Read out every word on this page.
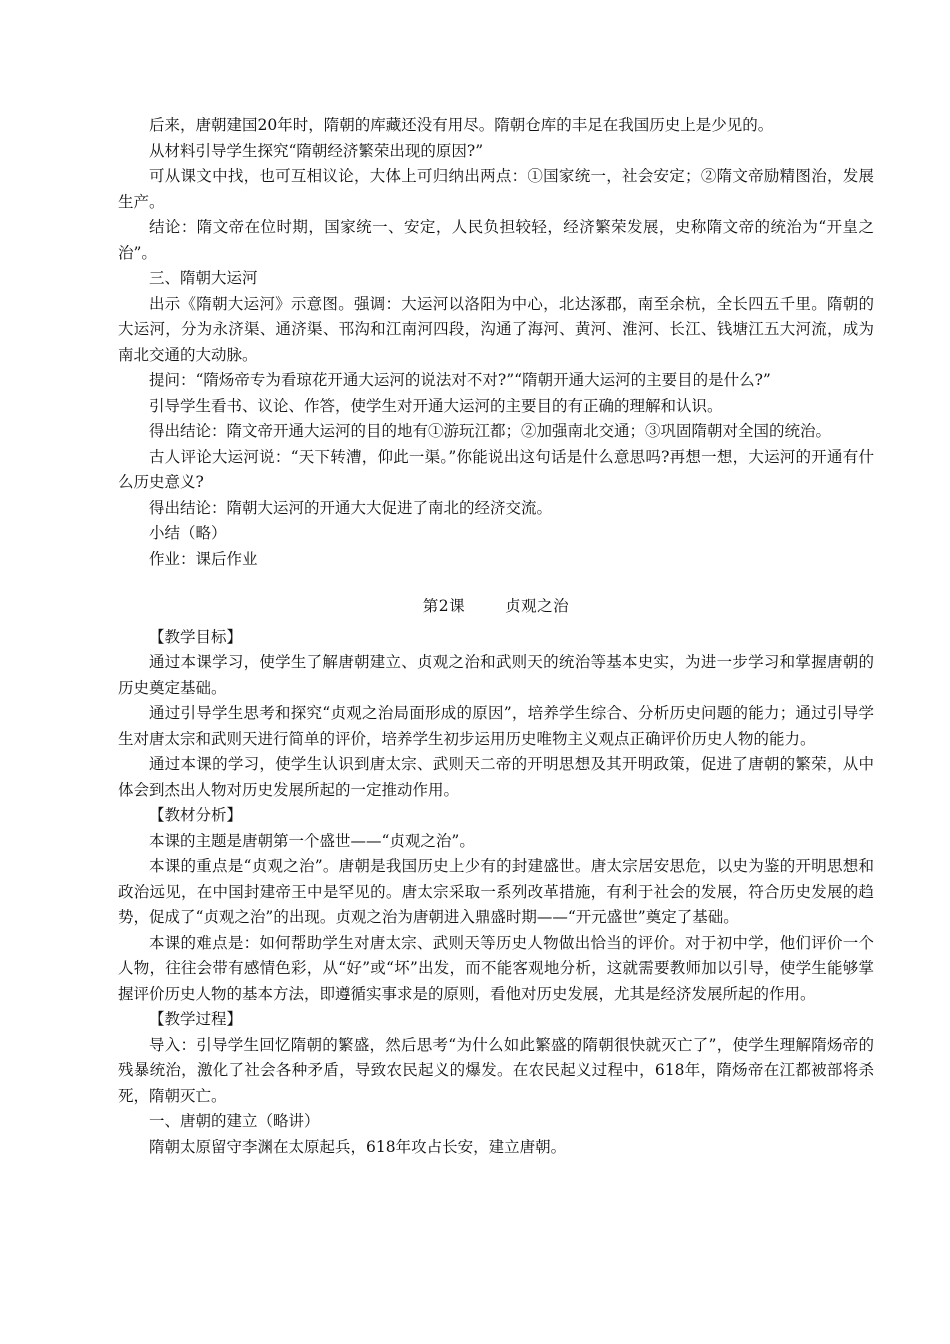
后来，唐朝建国20年时，隋朝的库藏还没有用尽。隋朝仓库的丰足在我国历史上是少见的。

从材料引导学生探究“隋朝经济繁荣出现的原因?”

可从课文中找，也可互相议论，大体上可归纳出两点：①国家统一，社会安定；②隋文帝励精图治，发展生产。

结论：隋文帝在位时期，国家统一、安定，人民负担较轻，经济繁荣发展，史称隋文帝的统治为“开皇之治”。

三、隋朝大运河

出示《隋朝大运河》示意图。强调：大运河以洛阳为中心，北达涿郡，南至余杭，全长四五千里。隋朝的大运河，分为永济渠、通济渠、邗沟和江南河四段，沟通了海河、黄河、淮河、长江、钱塘江五大河流，成为南北交通的大动脉。

提问：“隋炀帝专为看琼花开通大运河的说法对不对?”“隋朝开通大运河的主要目的是什么?”

引导学生看书、议论、作答，使学生对开通大运河的主要目的有正确的理解和认识。

得出结论：隋文帝开通大运河的目的地有①游玩江都；②加强南北交通；③巩固隋朝对全国的统治。

古人评论大运河说：“天下转漕，仰此一渠。”你能说出这句话是什么意思吗?再想一想，大运河的开通有什么历史意义?

得出结论：隋朝大运河的开通大大促进了南北的经济交流。

小结（略）

作业：课后作业

第2课	贞观之治

【教学目标】

通过本课学习，使学生了解唐朝建立、贞观之治和武则天的统治等基本史实，为进一步学习和掌握唐朝的历史奠定基础。

通过引导学生思考和探究“贞观之治局面形成的原因”，培养学生综合、分析历史问题的能力；通过引导学生对唐太宗和武则天进行简单的评价，培养学生初步运用历史唯物主义观点正确评价历史人物的能力。

通过本课的学习，使学生认识到唐太宗、武则天二帝的开明思想及其开明政策，促进了唐朝的繁荣，从中体会到杰出人物对历史发展所起的一定推动作用。

【教材分析】

本课的主题是唐朝第一个盛世——“贞观之治”。

本课的重点是“贞观之治”。唐朝是我国历史上少有的封建盛世。唐太宗居安思危，以史为鉴的开明思想和政治远见，在中国封建帝王中是罕见的。唐太宗采取一系列改革措施，有利于社会的发展，符合历史发展的趋势，促成了“贞观之治”的出现。贞观之治为唐朝进入鼎盛时期——“开元盛世”奠定了基础。

本课的难点是：如何帮助学生对唐太宗、武则天等历史人物做出恰当的评价。对于初中学，他们评价一个人物，往往会带有感情色彩，从“好”或“坏”出发，而不能客观地分析，这就需要教师加以引导，使学生能够掌握评价历史人物的基本方法，即遵循实事求是的原则，看他对历史发展，尤其是经济发展所起的作用。

【教学过程】

导入：引导学生回忆隋朝的繁盛，然后思考“为什么如此繁盛的隋朝很快就灭亡了”，使学生理解隋炀帝的残暴统治，激化了社会各种矛盾，导致农民起义的爆发。在农民起义过程中，618年，隋炀帝在江都被部将杀死，隋朝灭亡。

一、唐朝的建立（略讲）

隋朝太原留守李渊在太原起兵，618年攻占长安，建立唐朝。
